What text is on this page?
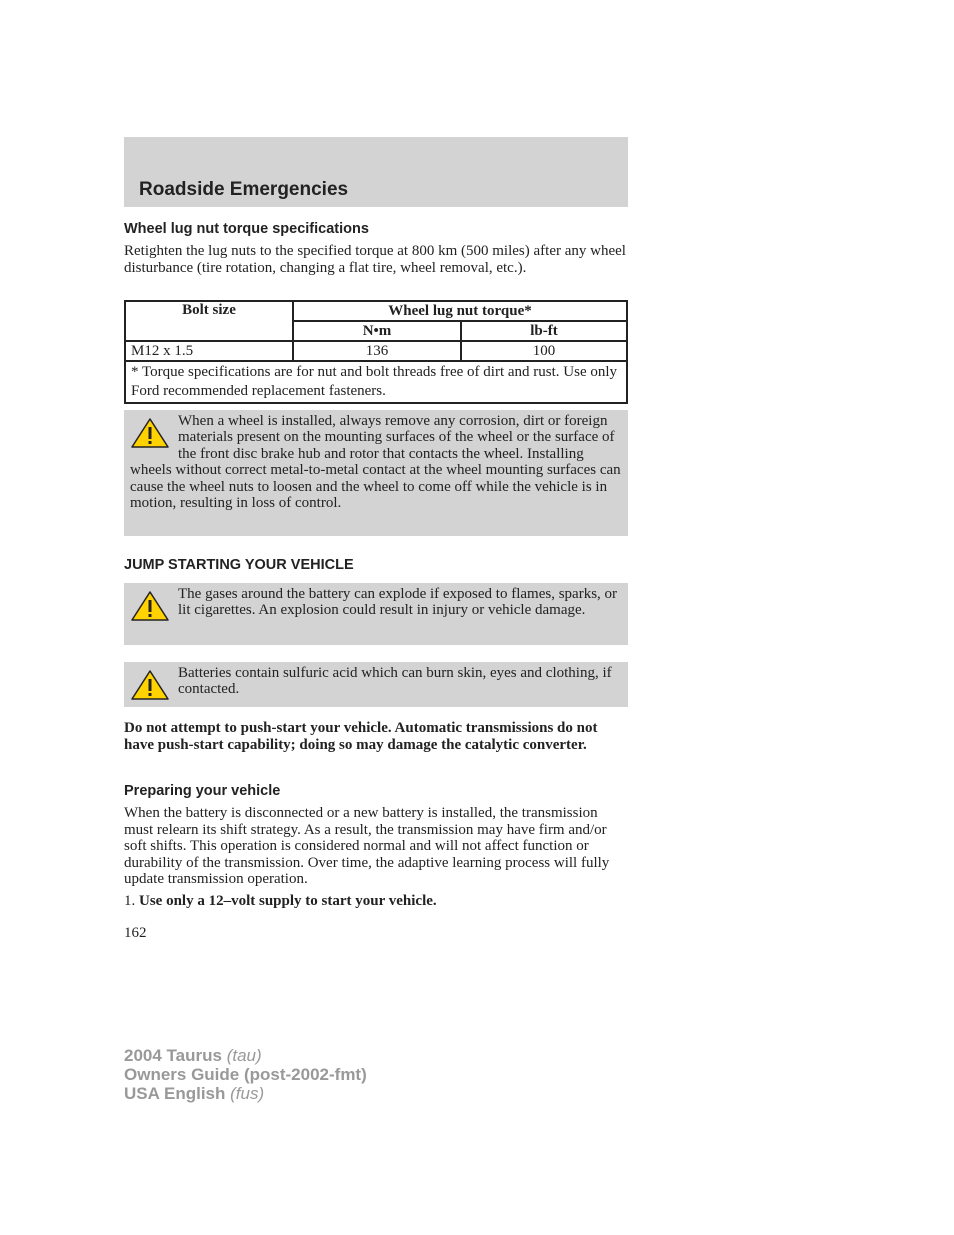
Roadside Emergencies
Wheel lug nut torque specifications
Retighten the lug nuts to the specified torque at 800 km (500 miles) after any wheel disturbance (tire rotation, changing a flat tire, wheel removal, etc.).
Bolt size	Wheel lug nut torque*	
	N•m	lb-ft
M12 x 1.5	136	100
* Torque specifications are for nut and bolt threads free of dirt and rust. Use only Ford recommended replacement fasteners.		
When a wheel is installed, always remove any corrosion, dirt or foreign materials present on the mounting surfaces of the wheel or the surface of the front disc brake hub and rotor that contacts the wheel. Installing wheels without correct metal-to-metal contact at the wheel mounting surfaces can cause the wheel nuts to loosen and the wheel to come off while the vehicle is in motion, resulting in loss of control.
JUMP STARTING YOUR VEHICLE
The gases around the battery can explode if exposed to flames, sparks, or lit cigarettes. An explosion could result in injury or vehicle damage.
Batteries contain sulfuric acid which can burn skin, eyes and clothing, if contacted.
Do not attempt to push-start your vehicle. Automatic transmissions do not have push-start capability; doing so may damage the catalytic converter.
Preparing your vehicle
When the battery is disconnected or a new battery is installed, the transmission must relearn its shift strategy. As a result, the transmission may have firm and/or soft shifts. This operation is considered normal and will not affect function or durability of the transmission. Over time, the adaptive learning process will fully update transmission operation.
1. Use only a 12–volt supply to start your vehicle.
162
2004 Taurus (tau)
Owners Guide (post-2002-fmt)
USA English (fus)
